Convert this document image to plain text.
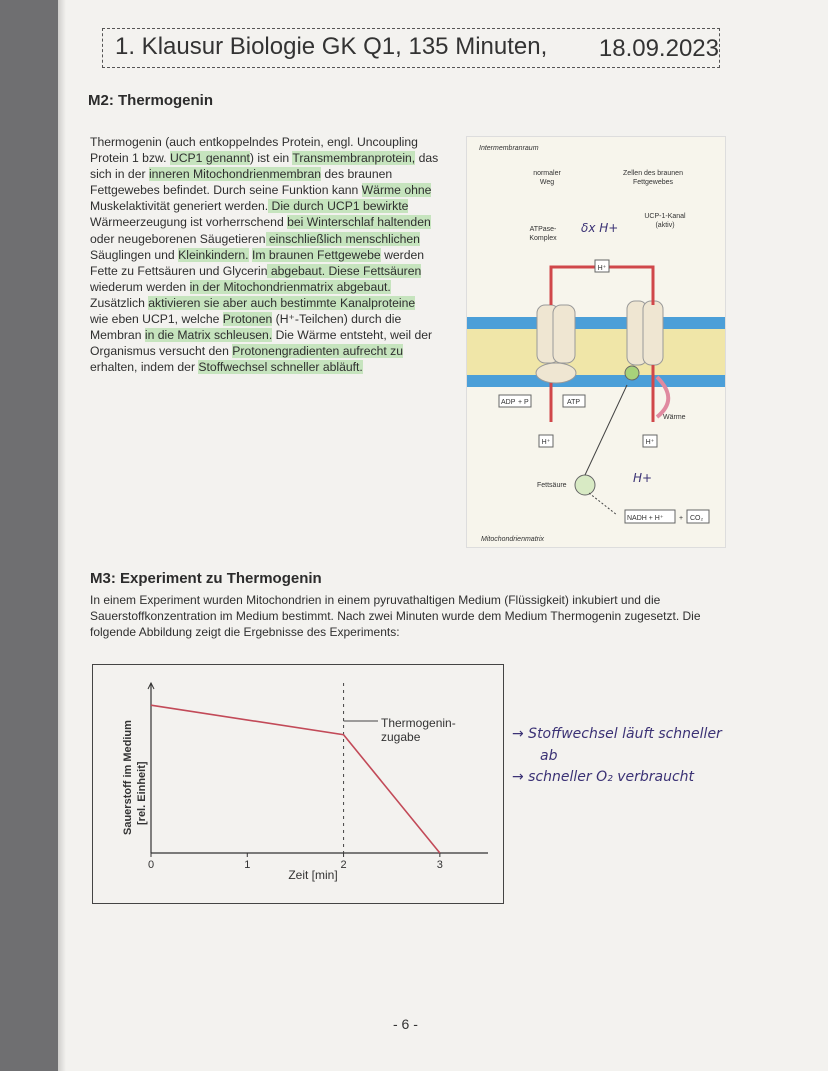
1. Klausur Biologie GK Q1, 135 Minuten, 18.09.2023
M2: Thermogenin
Thermogenin (auch entkoppelndes Protein, engl. Uncoupling
Protein 1 bzw. UCP1 genannt) ist ein Transmembranprotein, das
sich in der inneren Mitochondrienmembran des braunen
Fettgewebes befindet. Durch seine Funktion kann Wärme ohne
Muskelaktivität generiert werden. Die durch UCP1 bewirkte
Wärmeerzeugung ist vorherrschend bei Winterschlaf haltenden
oder neugeborenen Säugetieren einschließlich menschlichen
Säuglingen und Kleinkindern. Im braunen Fettgewebe werden
Fette zu Fettsäuren und Glycerin abgebaut. Diese Fettsäuren
wiederum werden in der Mitochondrienmatrix abgebaut.
Zusätzlich aktivieren sie aber auch bestimmte Kanalproteine
wie eben UCP1, welche Protonen (H⁺-Teilchen) durch die
Membran in die Matrix schleusen. Die Wärme entsteht, weil der
Organismus versucht den Protonengradienten aufrecht zu
erhalten, indem der Stoffwechsel schneller abläuft.
Intermembranraum
normaler
Weg
Zellen des braunen
Fettgewebes
ATPase-
Komplex
UCP-1-Kanal
(aktiv)
H⁺
ADP + P	ATP
H⁺	H⁺
Wärme
Fettsäure
NADH + H⁺ + CO₂
Mitochondrienmatrix
δx H+
H+
M3: Experiment zu Thermogenin
In einem Experiment wurden Mitochondrien in einem pyruvathaltigen Medium (Flüssigkeit) inkubiert und die Sauerstoffkonzentration im Medium bestimmt. Nach zwei Minuten wurde dem Medium Thermogenin zugesetzt. Die folgende Abbildung zeigt die Ergebnisse des Experiments:
Sauerstoff im Medium [rel. Einheit]
Zeit [min]
Thermogenin-
zugabe
0	1	2	3
→ Stoffwechsel läuft schneller
ab
→ schneller O₂ verbraucht
- 6 -
